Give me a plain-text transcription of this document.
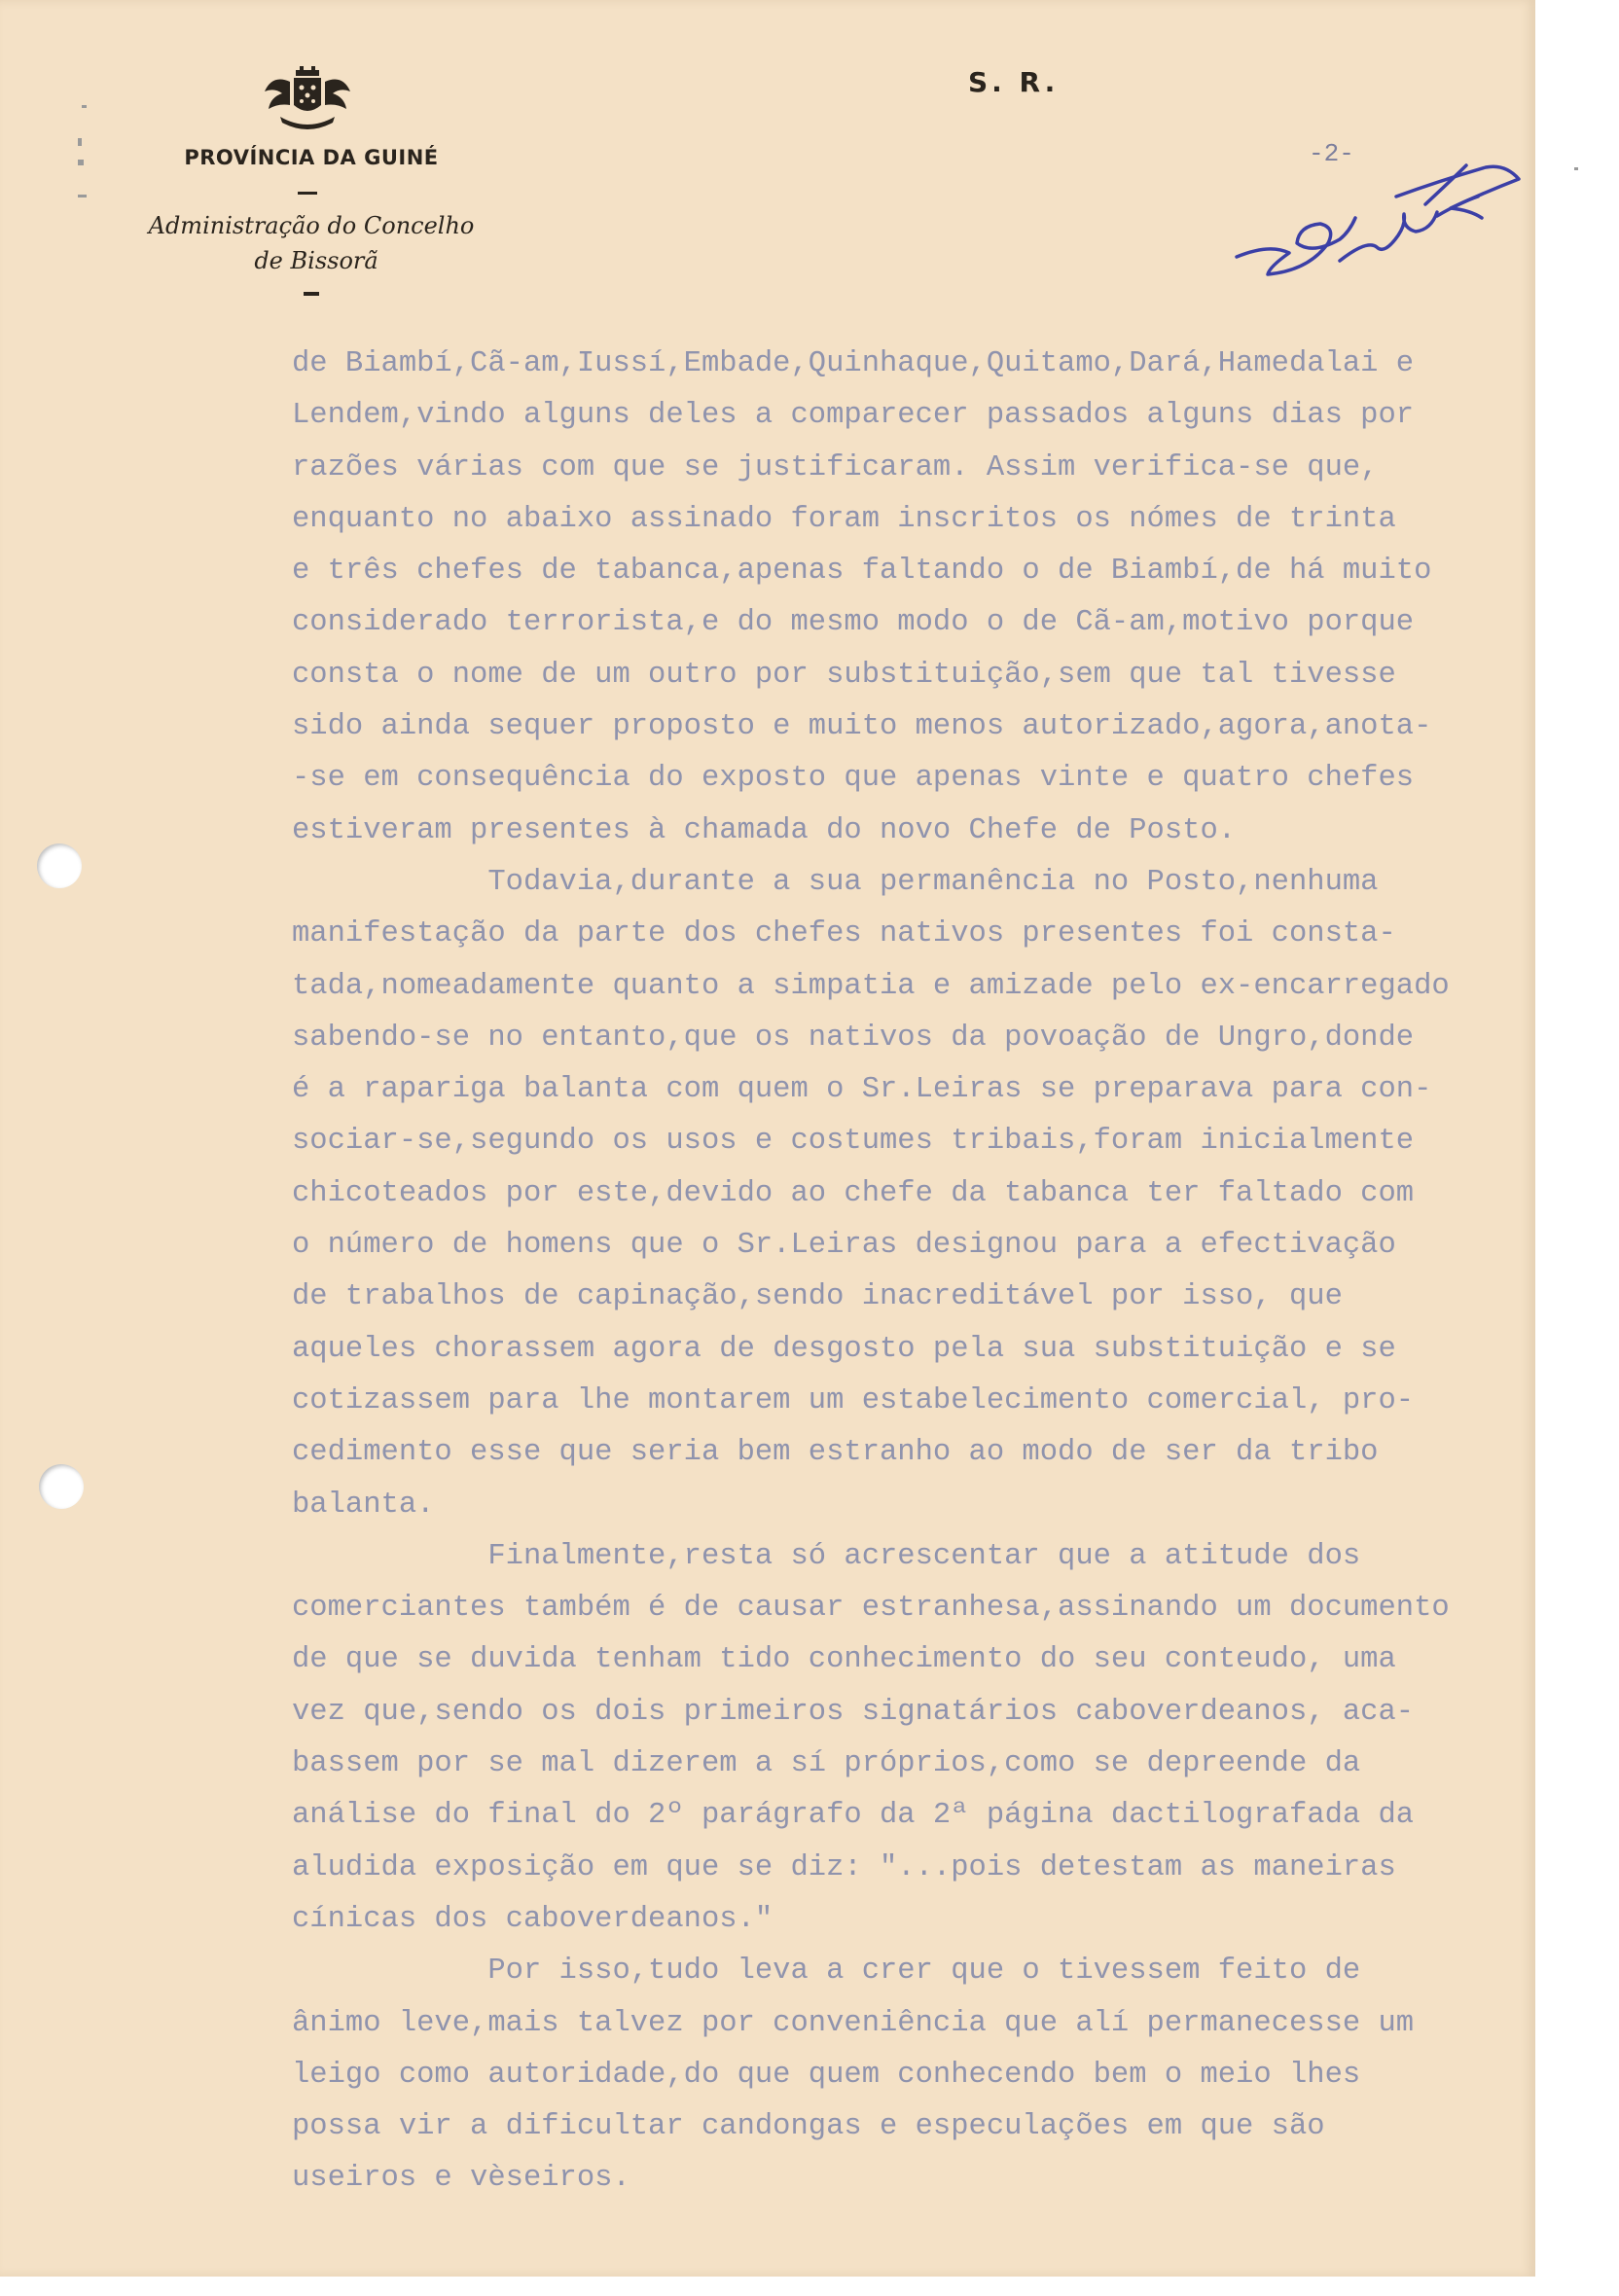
PROVÍNCIA DA GUINÉ
Administração do Concelho
de Bissorã
S. R.
-2-
de Biambí,Cã-am,Iussí,Embade,Quinhaque,Quitamo,Dará,Hamedalai e
Lendem,vindo alguns deles a comparecer passados alguns dias por
razões várias com que se justificaram. Assim verifica-se que,
enquanto no abaixo assinado foram inscritos os nómes de trinta
e três chefes de tabanca,apenas faltando o de Biambí,de há muito
considerado terrorista,e do mesmo modo o de Cã-am,motivo porque
consta o nome de um outro por substituição,sem que tal tivesse
sido ainda sequer proposto e muito menos autorizado,agora,anota-
-se em consequência do exposto que apenas vinte e quatro chefes
estiveram presentes à chamada do novo Chefe de Posto.
Todavia,durante a sua permanência no Posto,nenhuma
manifestação da parte dos chefes nativos presentes foi consta-
tada,nomeadamente quanto a simpatia e amizade pelo ex-encarregado
sabendo-se no entanto,que os nativos da povoação de Ungro,donde
é a rapariga balanta com quem o Sr.Leiras se preparava para con-
sociar-se,segundo os usos e costumes tribais,foram inicialmente
chicoteados por este,devido ao chefe da tabanca ter faltado com
o número de homens que o Sr.Leiras designou para a efectivação
de trabalhos de capinação,sendo inacreditável por isso, que
aqueles chorassem agora de desgosto pela sua substituição e se
cotizassem para lhe montarem um estabelecimento comercial, pro-
cedimento esse que seria bem estranho ao modo de ser da tribo
balanta.
Finalmente,resta só acrescentar que a atitude dos
comerciantes também é de causar estranhesa,assinando um documento
de que se duvida tenham tido conhecimento do seu conteudo, uma
vez que,sendo os dois primeiros signatários caboverdeanos, aca-
bassem por se mal dizerem a sí próprios,como se depreende da
análise do final do 2º parágrafo da 2ª página dactilografada da
aludida exposição em que se diz: "...pois detestam as maneiras
cínicas dos caboverdeanos."
Por isso,tudo leva a crer que o tivessem feito de
ânimo leve,mais talvez por conveniência que alí permanecesse um
leigo como autoridade,do que quem conhecendo bem o meio lhes
possa vir a dificultar candongas e especulações em que são
useiros e vèseiros.
